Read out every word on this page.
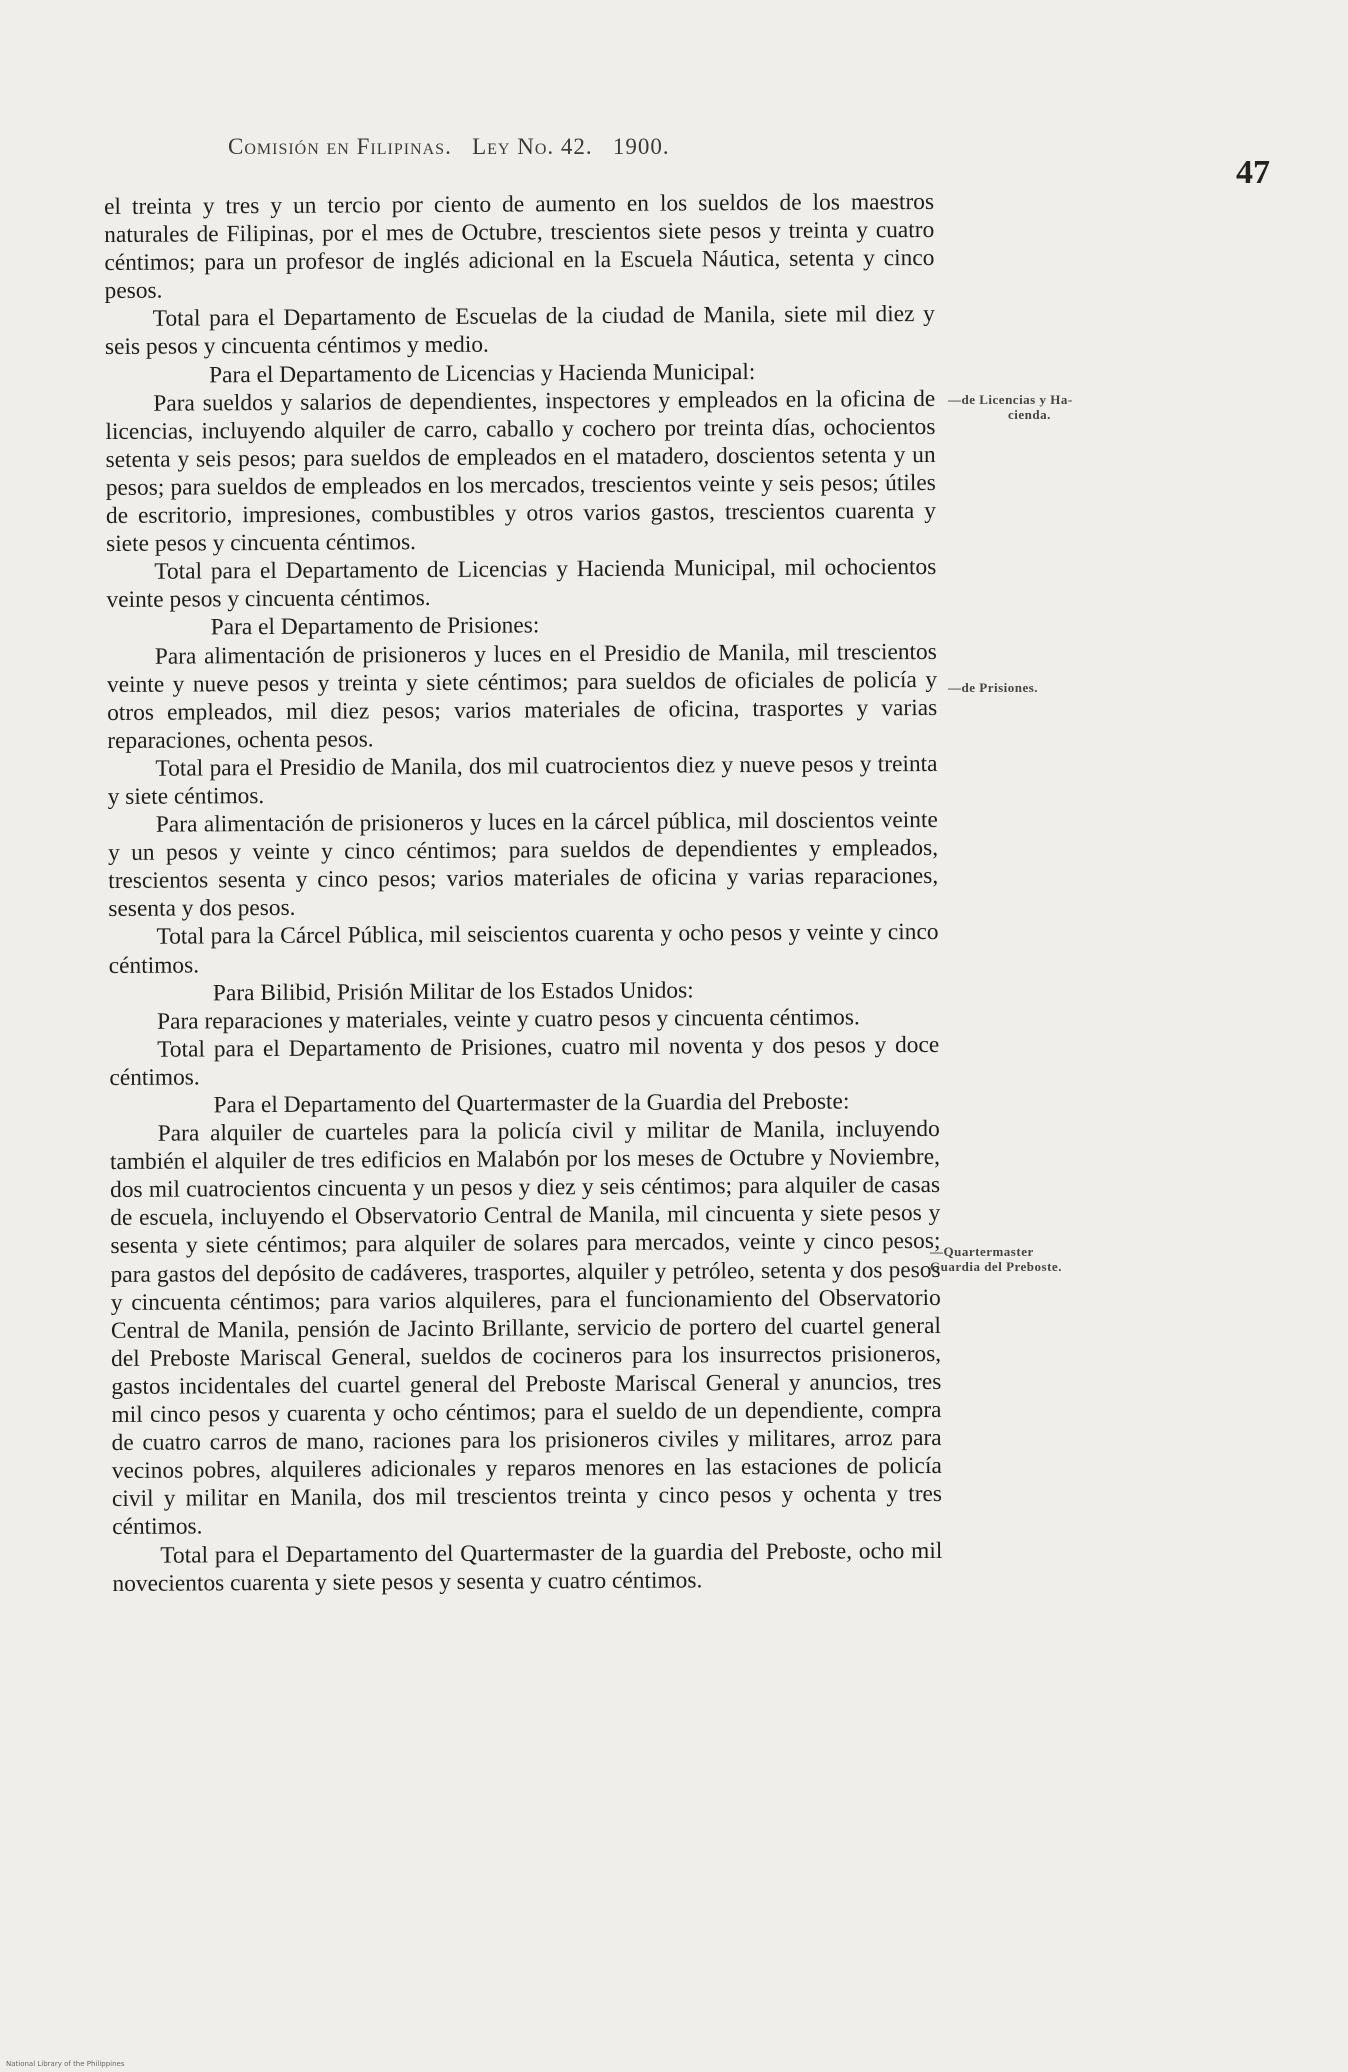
Comisión en Filipinas. Ley No. 42. 1900.
47

el treinta y tres y un tercio por ciento de aumento en los sueldos de los maestros naturales de Filipinas, por el mes de Octubre, trescientos siete pesos y treinta y cuatro céntimos; para un profesor de inglés adicional en la Escuela Náutica, setenta y cinco pesos.

Total para el Departamento de Escuelas de la ciudad de Manila, siete mil diez y seis pesos y cincuenta céntimos y medio.

Para el Departamento de Licencias y Hacienda Municipal:

Para sueldos y salarios de dependientes, inspectores y empleados en la oficina de licencias, incluyendo alquiler de carro, caballo y cochero por treinta días, ochocientos setenta y seis pesos; para sueldos de empleados en el matadero, doscientos setenta y un pesos; para sueldos de empleados en los mercados, trescientos veinte y seis pesos; útiles de escritorio, impresiones, combustibles y otros varios gastos, trescientos cuarenta y siete pesos y cincuenta céntimos.

Total para el Departamento de Licencias y Hacienda Municipal, mil ochocientos veinte pesos y cincuenta céntimos.

Para el Departamento de Prisiones:

Para alimentación de prisioneros y luces en el Presidio de Manila, mil trescientos veinte y nueve pesos y treinta y siete céntimos; para sueldos de oficiales de policía y otros empleados, mil diez pesos; varios materiales de oficina, trasportes y varias reparaciones, ochenta pesos.

Total para el Presidio de Manila, dos mil cuatrocientos diez y nueve pesos y treinta y siete céntimos.

Para alimentación de prisioneros y luces en la cárcel pública, mil doscientos veinte y un pesos y veinte y cinco céntimos; para sueldos de dependientes y empleados, trescientos sesenta y cinco pesos; varios materiales de oficina y varias reparaciones, sesenta y dos pesos.

Total para la Cárcel Pública, mil seiscientos cuarenta y ocho pesos y veinte y cinco céntimos.

Para Bilibid, Prisión Militar de los Estados Unidos:

Para reparaciones y materiales, veinte y cuatro pesos y cincuenta céntimos.

Total para el Departamento de Prisiones, cuatro mil noventa y dos pesos y doce céntimos.

Para el Departamento del Quartermaster de la Guardia del Preboste:

Para alquiler de cuarteles para la policía civil y militar de Manila, incluyendo también el alquiler de tres edificios en Malabón por los meses de Octubre y Noviembre, dos mil cuatrocientos cincuenta y un pesos y diez y seis céntimos; para alquiler de casas de escuela, incluyendo el Observatorio Central de Manila, mil cincuenta y siete pesos y sesenta y siete céntimos; para alquiler de solares para mercados, veinte y cinco pesos; para gastos del depósito de cadáveres, trasportes, alquiler y petróleo, setenta y dos pesos y cincuenta céntimos; para varios alquileres, para el funcionamiento del Observatorio Central de Manila, pensión de Jacinto Brillante, servicio de portero del cuartel general del Preboste Mariscal General, sueldos de cocineros para los insurrectos prisioneros, gastos incidentales del cuartel general del Preboste Mariscal General y anuncios, tres mil cinco pesos y cuarenta y ocho céntimos; para el sueldo de un dependiente, compra de cuatro carros de mano, raciones para los prisioneros civiles y militares, arroz para vecinos pobres, alquileres adicionales y reparos menores en las estaciones de policía civil y militar en Manila, dos mil trescientos treinta y cinco pesos y ochenta y tres céntimos.

Total para el Departamento del Quartermaster de la guardia del Preboste, ocho mil novecientos cuarenta y siete pesos y sesenta y cuatro céntimos.

—de Licencias y Ha-
cienda.
—de Prisiones.
—Quartermaster
Guardia del Preboste.
National Library of the Philippines
